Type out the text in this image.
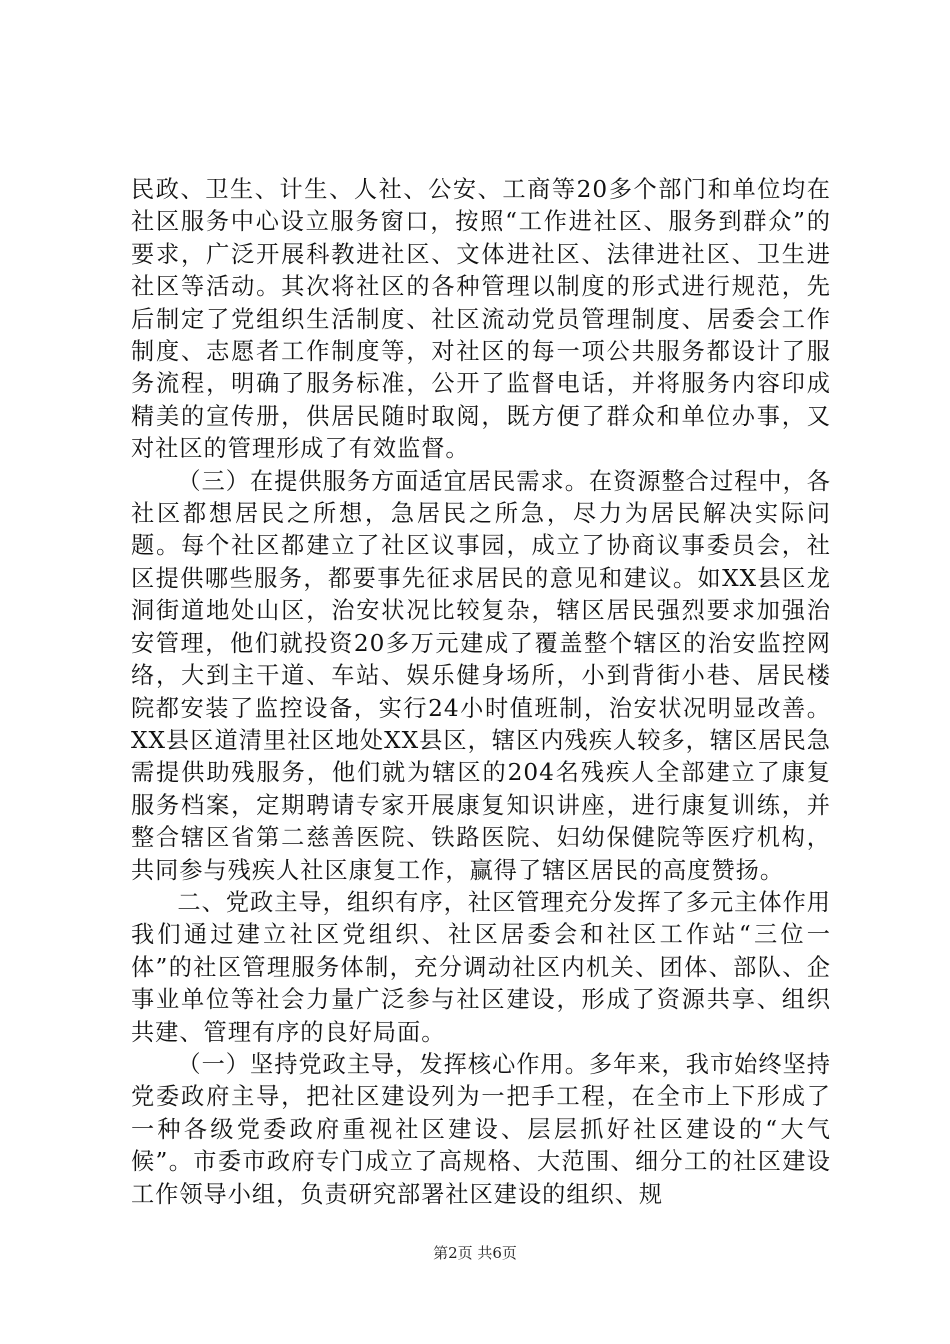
民政、卫生、计生、人社、公安、工商等20多个部门和单位均在社区服务中心设立服务窗口，按照“工作进社区、服务到群众”的要求，广泛开展科教进社区、文体进社区、法律进社区、卫生进社区等活动。其次将社区的各种管理以制度的形式进行规范，先后制定了党组织生活制度、社区流动党员管理制度、居委会工作制度、志愿者工作制度等，对社区的每一项公共服务都设计了服务流程，明确了服务标准，公开了监督电话，并将服务内容印成精美的宣传册，供居民随时取阅，既方便了群众和单位办事，又对社区的管理形成了有效监督。

（三）在提供服务方面适宜居民需求。在资源整合过程中，各社区都想居民之所想，急居民之所急，尽力为居民解决实际问题。每个社区都建立了社区议事园，成立了协商议事委员会，社区提供哪些服务，都要事先征求居民的意见和建议。如XX县区龙洞街道地处山区，治安状况比较复杂，辖区居民强烈要求加强治安管理，他们就投资20多万元建成了覆盖整个辖区的治安监控网络，大到主干道、车站、娱乐健身场所，小到背街小巷、居民楼院都安装了监控设备，实行24小时值班制，治安状况明显改善。XX县区道清里社区地处XX县区，辖区内残疾人较多，辖区居民急需提供助残服务，他们就为辖区的204名残疾人全部建立了康复服务档案，定期聘请专家开展康复知识讲座，进行康复训练，并整合辖区省第二慈善医院、铁路医院、妇幼保健院等医疗机构，共同参与残疾人社区康复工作，赢得了辖区居民的高度赞扬。

二、党政主导，组织有序，社区管理充分发挥了多元主体作用我们通过建立社区党组织、社区居委会和社区工作站“三位一体”的社区管理服务体制，充分调动社区内机关、团体、部队、企事业单位等社会力量广泛参与社区建设，形成了资源共享、组织共建、管理有序的良好局面。

（一）坚持党政主导，发挥核心作用。多年来，我市始终坚持党委政府主导，把社区建设列为一把手工程，在全市上下形成了一种各级党委政府重视社区建设、层层抓好社区建设的“大气候”。市委市政府专门成立了高规格、大范围、细分工的社区建设工作领导小组，负责研究部署社区建设的组织、规

第2页 共6页
